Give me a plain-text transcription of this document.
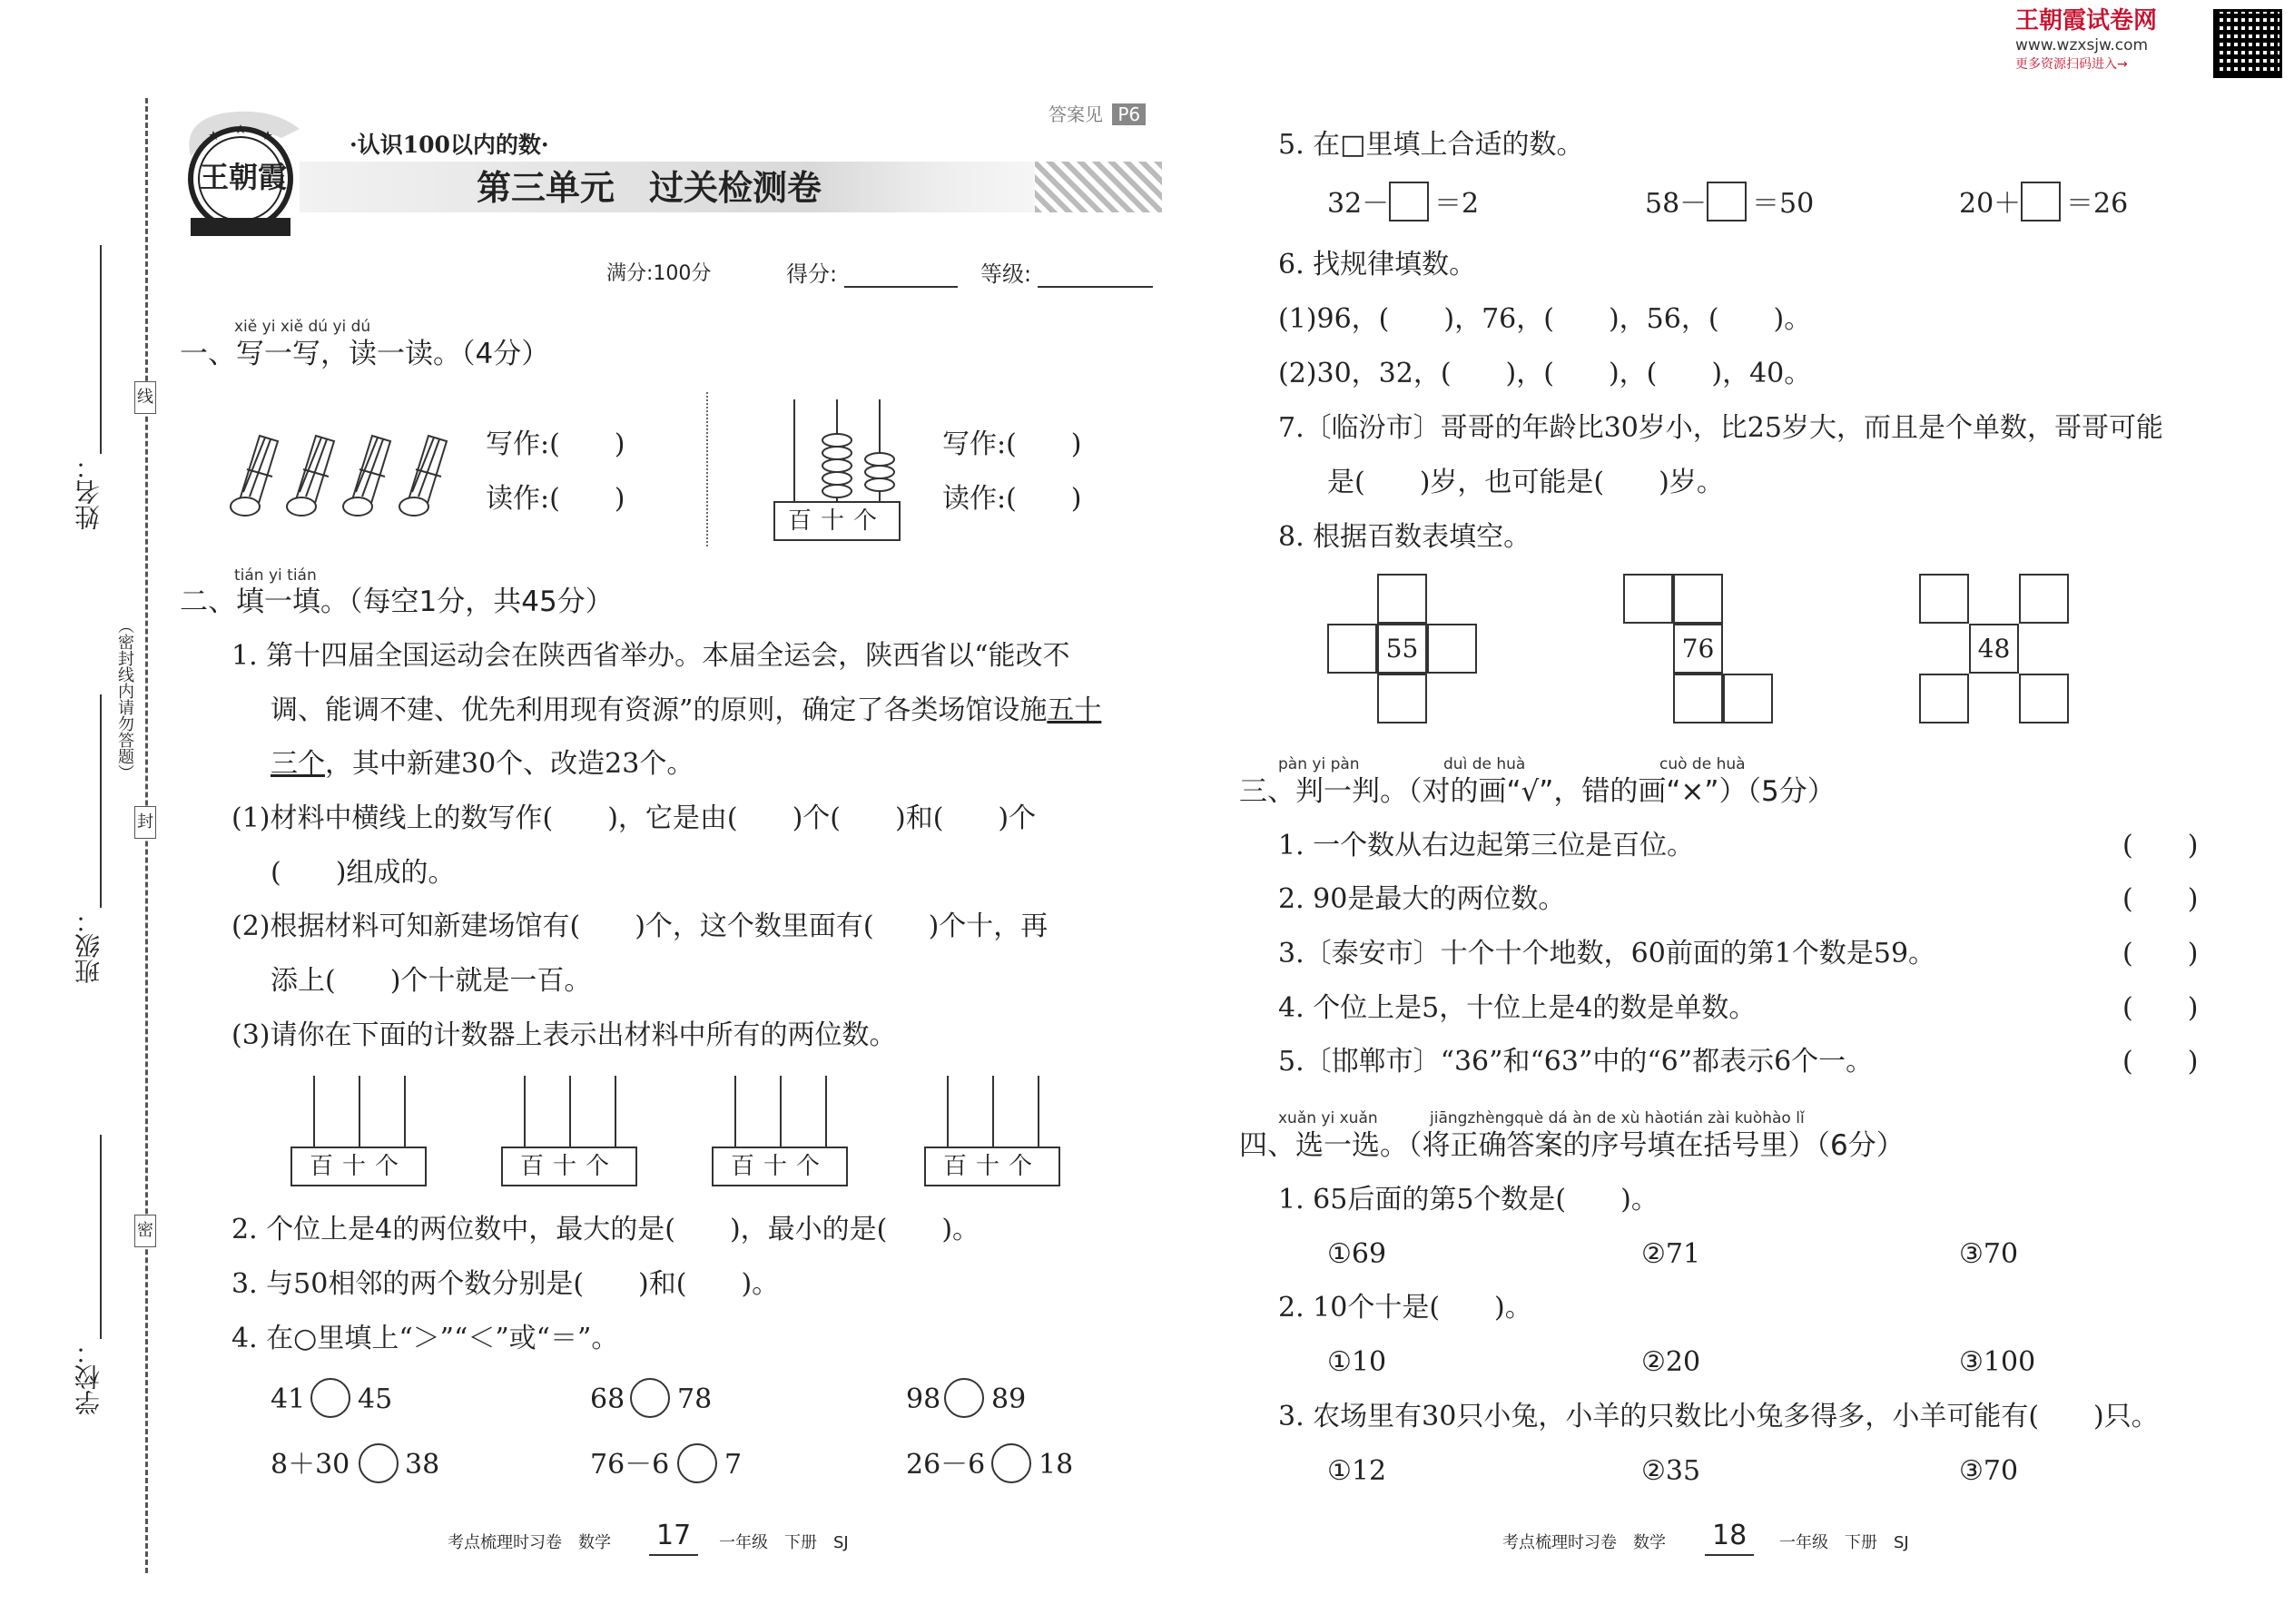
线
封
密
（密封线内请勿答题）
姓名：
班级：
学校：
王朝霞
·认识100以内的数·
第三单元　过关检测卷
答案见 P6
满分:100分	得分:	等级:
xiě yi xiě dú yi dú
一、写一写，读一读。（4分）
写作:(　　)
读作:(　　)
百十个
写作:(　　)
读作:(　　)
tián yi tián
二、填一填。（每空1分，共45分）
1. 第十四届全国运动会在陕西省举办。本届全运会，陕西省以“能改不
调、能调不建、优先利用现有资源”的原则，确定了各类场馆设施五十
三个，其中新建30个、改造23个。
(1)材料中横线上的数写作(　　)，它是由(　　)个(　　)和(　　)个
(　　)组成的。
(2)根据材料可知新建场馆有(　　)个，这个数里面有(　　)个十，再
添上(　　)个十就是一百。
(3)请你在下面的计数器上表示出材料中所有的两位数。
百十个	百十个	百十个	百十个
2. 个位上是4的两位数中，最大的是(　　)，最小的是(　　)。
3. 与50相邻的两个数分别是(　　)和(　　)。
4. 在○里填上“＞”“＜”或“＝”。
41 45	68 78	98 89
8＋30 38	76－6 7	26－6 18
王朝霞试卷网
www.wzxsjw.com
更多资源扫码进入→
5. 在□里填上合适的数。
32－ ＝2	58－ ＝50	20＋ ＝26
6. 找规律填数。
(1)96，(　　)，76，(　　)，56，(　　)。
(2)30，32，(　　)，(　　)，(　　)，40。
7.〔临汾市〕哥哥的年龄比30岁小，比25岁大，而且是个单数，哥哥可能
是(　　)岁，也可能是(　　)岁。
8. 根据百数表填空。
55	76	48
pàn yi pàn	duì de huà	cuò de huà
三、判一判。（对的画“√”，错的画“×”）（5分）
1. 一个数从右边起第三位是百位。	(　　)
2. 90是最大的两位数。	(　　)
3.〔泰安市〕十个十个地数，60前面的第1个数是59。	(　　)
4. 个位上是5，十位上是4的数是单数。	(　　)
5.〔邯郸市〕“36”和“63”中的“6”都表示6个一。	(　　)
xuǎn yi xuǎn	jiāngzhèngquè dá àn de xù hàotián zài kuòhào lǐ
四、选一选。（将正确答案的序号填在括号里）（6分）
1. 65后面的第5个数是(　　)。
①69	②71	③70
2. 10个十是(　　)。
①10	②20	③100
3. 农场里有30只小兔，小羊的只数比小兔多得多，小羊可能有(　　)只。
①12	②35	③70
考点梳理时习卷　数学 17	一年级　下册　SJ	考点梳理时习卷　数学 18	一年级　下册　SJ
